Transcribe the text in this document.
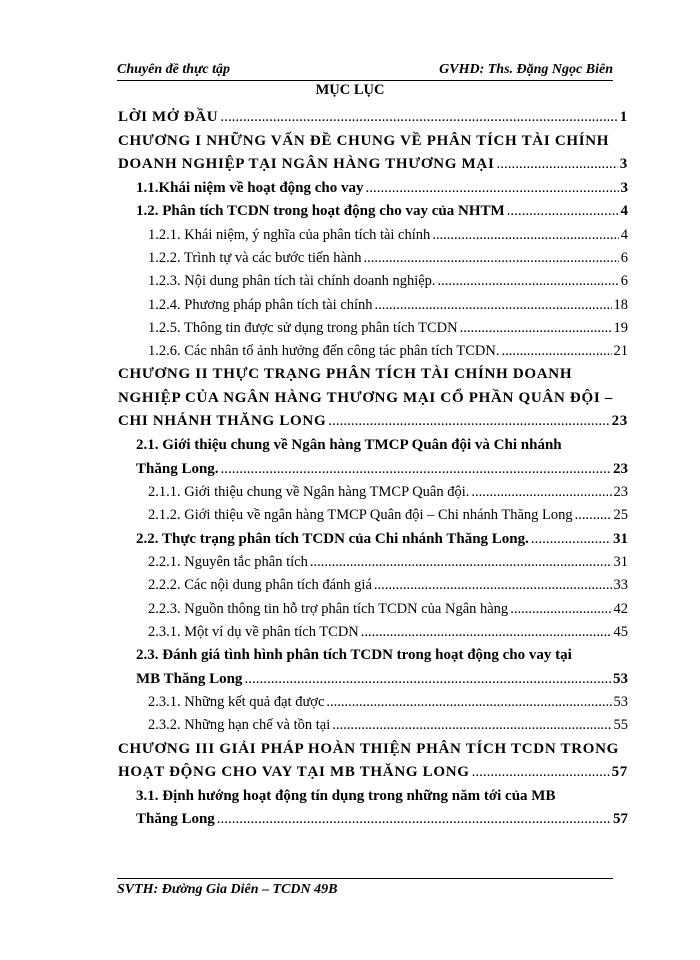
Chuyên đề thực tập	GVHD: Ths. Đặng Ngọc Biên
MỤC LỤC
LỜI MỞ ĐẦU .....	1
CHƯƠNG I NHỮNG VẤN ĐỀ CHUNG VỀ PHÂN TÍCH TÀI CHÍNH
DOANH NGHIỆP TẠI NGÂN HÀNG THƯƠNG MẠI .....	3
1.1.Khái niệm về hoạt động cho vay .....	3
1.2. Phân tích TCDN trong hoạt động cho vay của NHTM .....	4
1.2.1. Khái niệm, ý nghĩa của phân tích tài chính .....	4
1.2.2. Trình tự và các bước tiến hành .....	6
1.2.3. Nội dung phân tích tài chính doanh nghiệp. .....	6
1.2.4. Phương pháp phân tích tài chính .....	18
1.2.5. Thông tin được sử dụng trong phân tích TCDN .....	19
1.2.6. Các nhân tố ảnh hưởng đến công tác phân tích TCDN. .....	21
CHƯƠNG II THỰC TRẠNG PHÂN TÍCH TÀI CHÍNH DOANH
NGHIỆP CỦA NGÂN HÀNG THƯƠNG MẠI CỔ PHẦN QUÂN ĐỘI –
CHI NHÁNH THĂNG LONG .....	23
2.1. Giới thiệu chung về Ngân hàng TMCP Quân đội và Chi nhánh
Thăng Long. .....	23
2.1.1. Giới thiệu chung về Ngân hàng TMCP Quân đội. .....	23
2.1.2. Giới thiệu về ngân hàng TMCP Quân đội – Chi nhánh Thăng Long .....	25
2.2. Thực trạng phân tích TCDN của Chi nhánh Thăng Long. .....	31
2.2.1. Nguyên tắc phân tích .....	31
2.2.2. Các nội dung phân tích đánh giá .....	33
2.2.3. Nguồn thông tin hỗ trợ phân tích TCDN của Ngân hàng .....	42
2.3.1. Một ví dụ về phân tích TCDN .....	45
2.3. Đánh giá tình hình phân tích TCDN trong hoạt động cho vay tại
MB Thăng Long .....	53
2.3.1. Những kết quả đạt được .....	53
2.3.2. Những hạn chế và tồn tại .....	55
CHƯƠNG III GIẢI PHÁP HOÀN THIỆN PHÂN TÍCH TCDN TRONG
HOẠT ĐỘNG CHO VAY TẠI MB THĂNG LONG .....	57
3.1. Định hướng hoạt động tín dụng trong những năm tới của MB
Thăng Long .....	57
SVTH: Đường Gia Diên – TCDN 49B
